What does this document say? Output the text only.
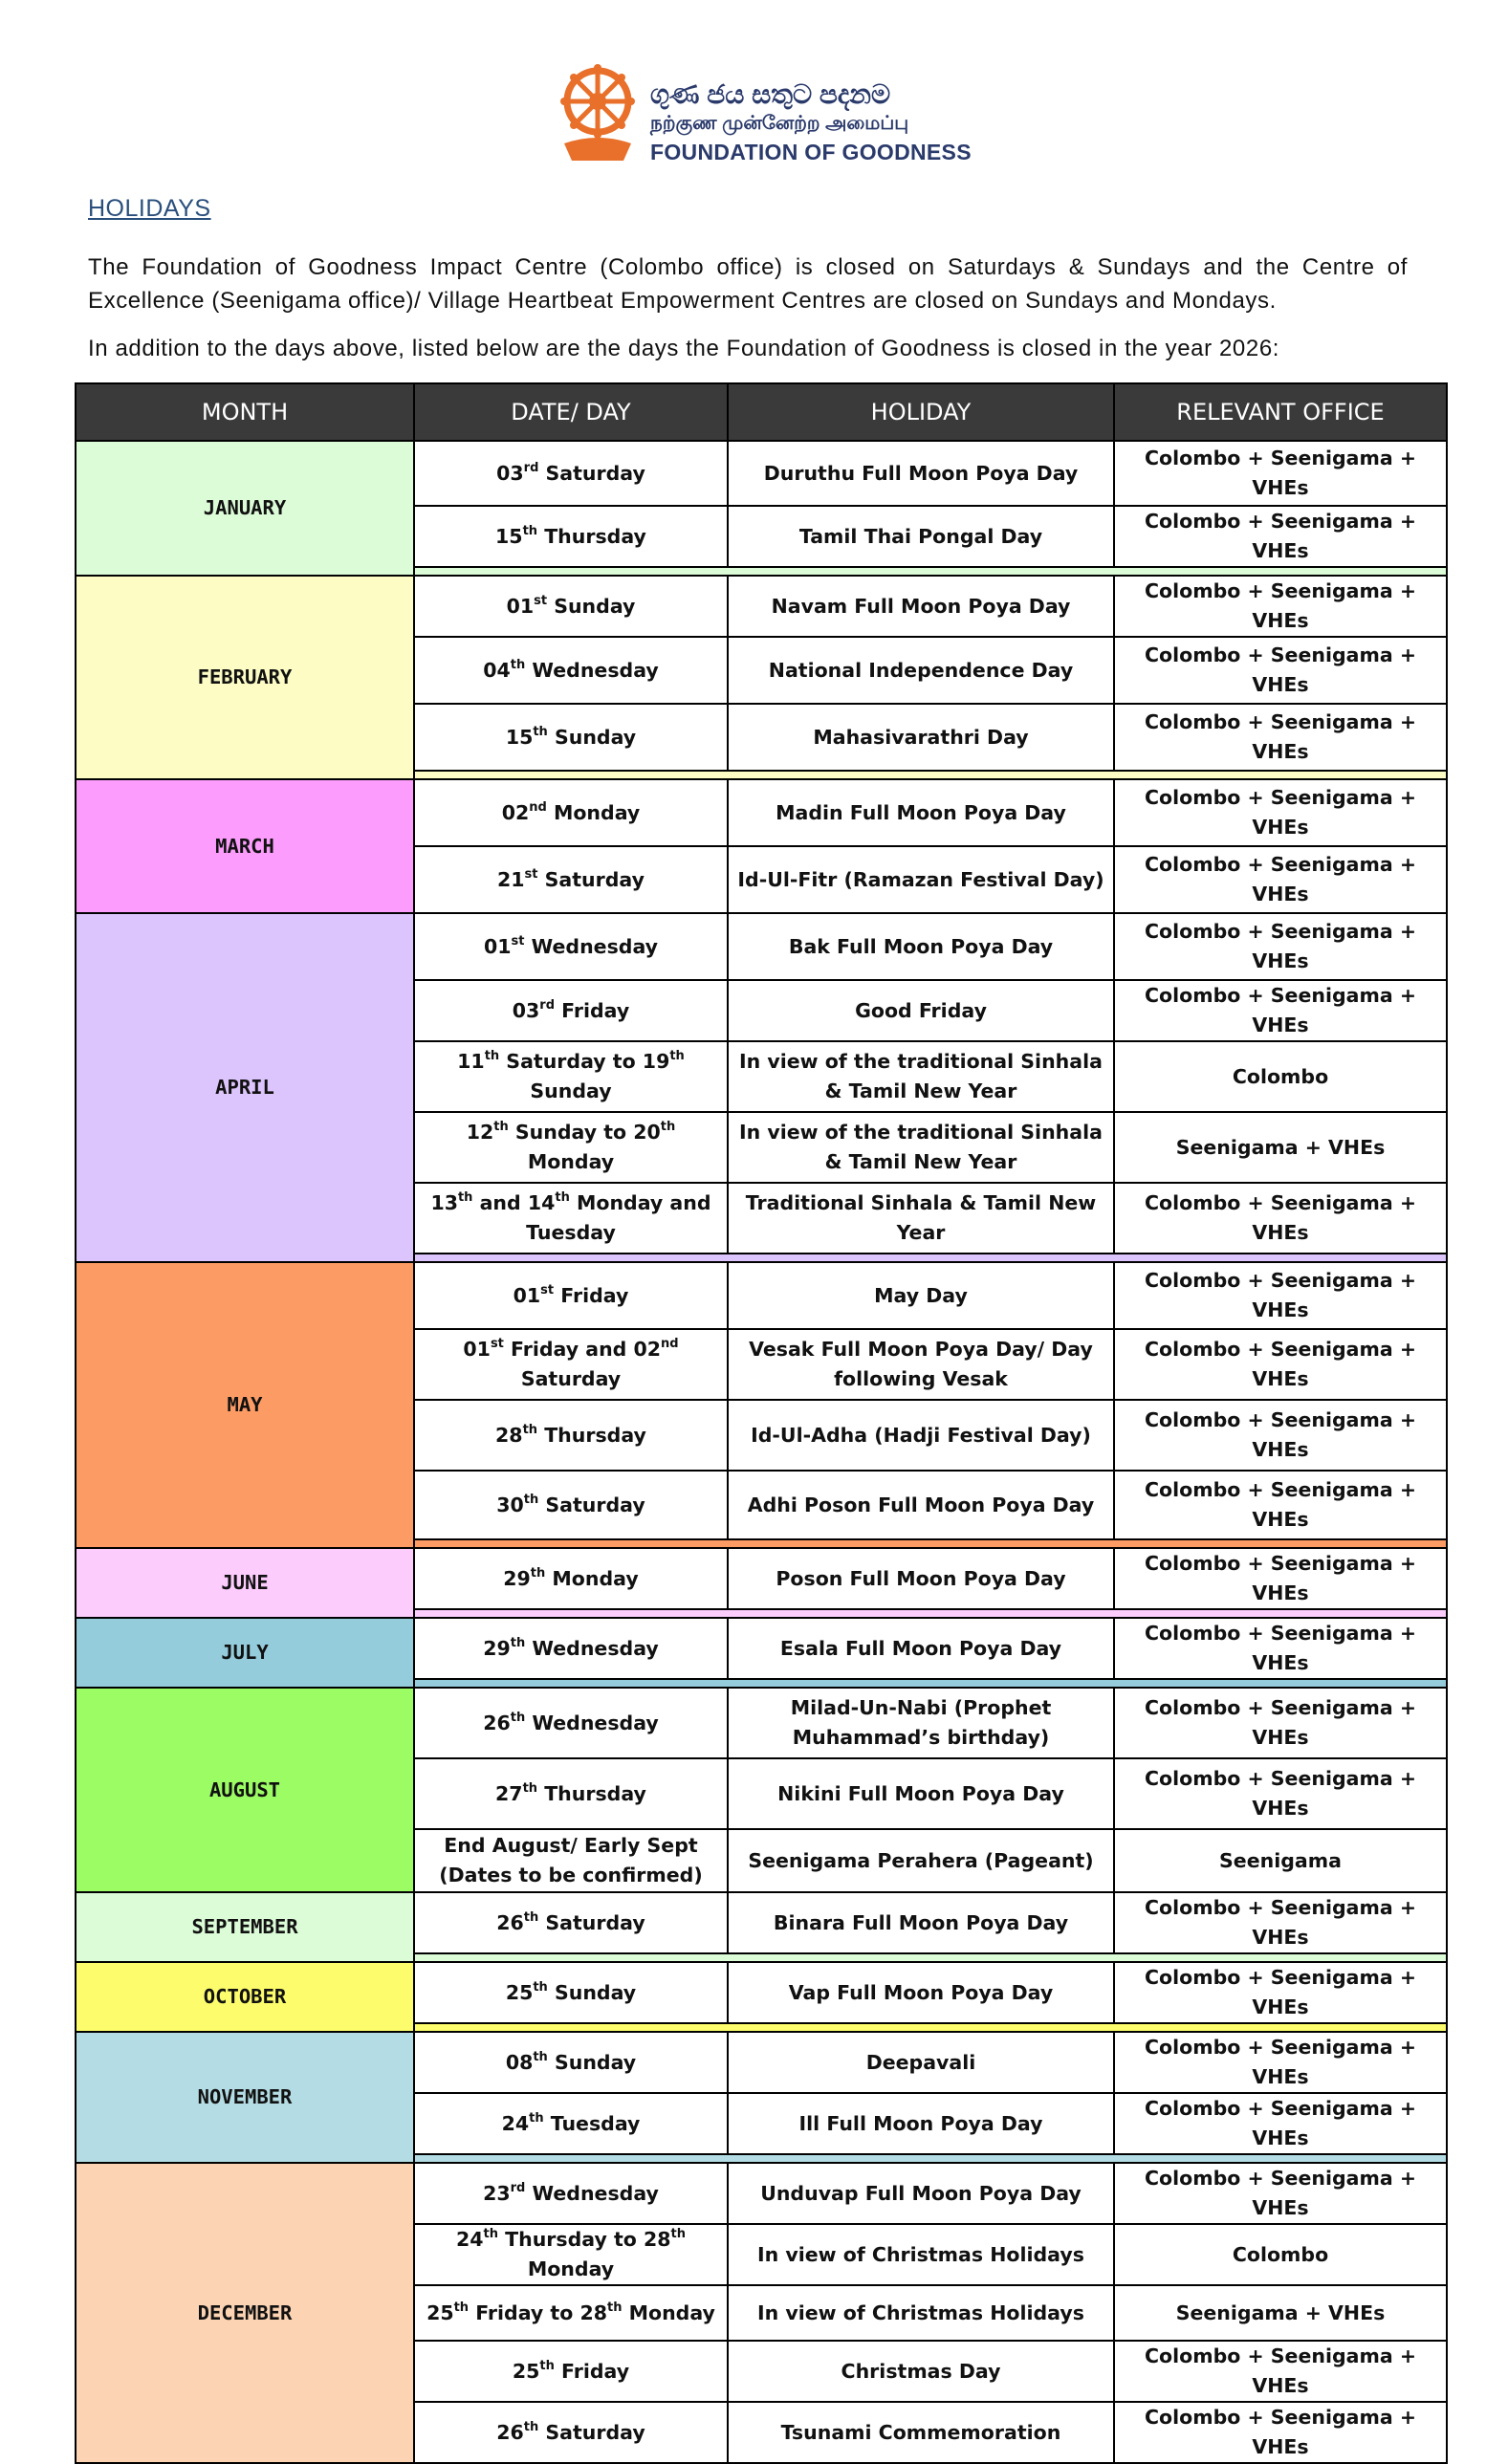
ගුණ ජය සතුට පදනම
நற்குண முன்னேற்ற அமைப்பு
FOUNDATION OF GOODNESS
HOLIDAYS
The Foundation of Goodness Impact Centre (Colombo office) is closed on Saturdays & Sundays and the Centre of Excellence (Seenigama office)/ Village Heartbeat Empowerment Centres are closed on Sundays and Mondays.
In addition to the days above, listed below are the days the Foundation of Goodness is closed in the year 2026:
MONTH	DATE/ DAY	HOLIDAY	RELEVANT OFFICE
JANUARY	03rd Saturday	Duruthu Full Moon Poya Day	Colombo + Seenigama + VHEs
	15th Thursday	Tamil Thai Pongal Day	Colombo + Seenigama + VHEs

FEBRUARY	01st Sunday	Navam Full Moon Poya Day	Colombo + Seenigama + VHEs
	04th Wednesday	National Independence Day	Colombo + Seenigama + VHEs
	15th Sunday	Mahasivarathri Day	Colombo + Seenigama + VHEs

MARCH	02nd Monday	Madin Full Moon Poya Day	Colombo + Seenigama + VHEs
	21st Saturday	Id-Ul-Fitr (Ramazan Festival Day)	Colombo + Seenigama + VHEs
APRIL	01st Wednesday	Bak Full Moon Poya Day	Colombo + Seenigama + VHEs
	03rd Friday	Good Friday	Colombo + Seenigama + VHEs
	11th Saturday to 19th Sunday	In view of the traditional Sinhala & Tamil New Year	Colombo
	12th Sunday to 20th Monday	In view of the traditional Sinhala & Tamil New Year	Seenigama + VHEs
	13th and 14th Monday and Tuesday	Traditional Sinhala & Tamil New Year	Colombo + Seenigama + VHEs

MAY	01st Friday	May Day	Colombo + Seenigama + VHEs
	01st Friday and 02nd Saturday	Vesak Full Moon Poya Day/ Day following Vesak	Colombo + Seenigama + VHEs
	28th Thursday	Id-Ul-Adha (Hadji Festival Day)	Colombo + Seenigama + VHEs
	30th Saturday	Adhi Poson Full Moon Poya Day	Colombo + Seenigama + VHEs

JUNE	29th Monday	Poson Full Moon Poya Day	Colombo + Seenigama + VHEs

JULY	29th Wednesday	Esala Full Moon Poya Day	Colombo + Seenigama + VHEs

AUGUST	26th Wednesday	Milad-Un-Nabi (Prophet Muhammad’s birthday)	Colombo + Seenigama + VHEs
	27th Thursday	Nikini Full Moon Poya Day	Colombo + Seenigama + VHEs
	End August/ Early Sept (Dates to be confirmed)	Seenigama Perahera (Pageant)	Seenigama
SEPTEMBER	26th Saturday	Binara Full Moon Poya Day	Colombo + Seenigama + VHEs

OCTOBER	25th Sunday	Vap Full Moon Poya Day	Colombo + Seenigama + VHEs

NOVEMBER	08th Sunday	Deepavali	Colombo + Seenigama + VHEs
	24th Tuesday	Ill Full Moon Poya Day	Colombo + Seenigama + VHEs

DECEMBER	23rd Wednesday	Unduvap Full Moon Poya Day	Colombo + Seenigama + VHEs
	24th Thursday to 28th Monday	In view of Christmas Holidays	Colombo
	25th Friday to 28th Monday	In view of Christmas Holidays	Seenigama + VHEs
	25th Friday	Christmas Day	Colombo + Seenigama + VHEs
	26th Saturday	Tsunami Commemoration	Colombo + Seenigama + VHEs
